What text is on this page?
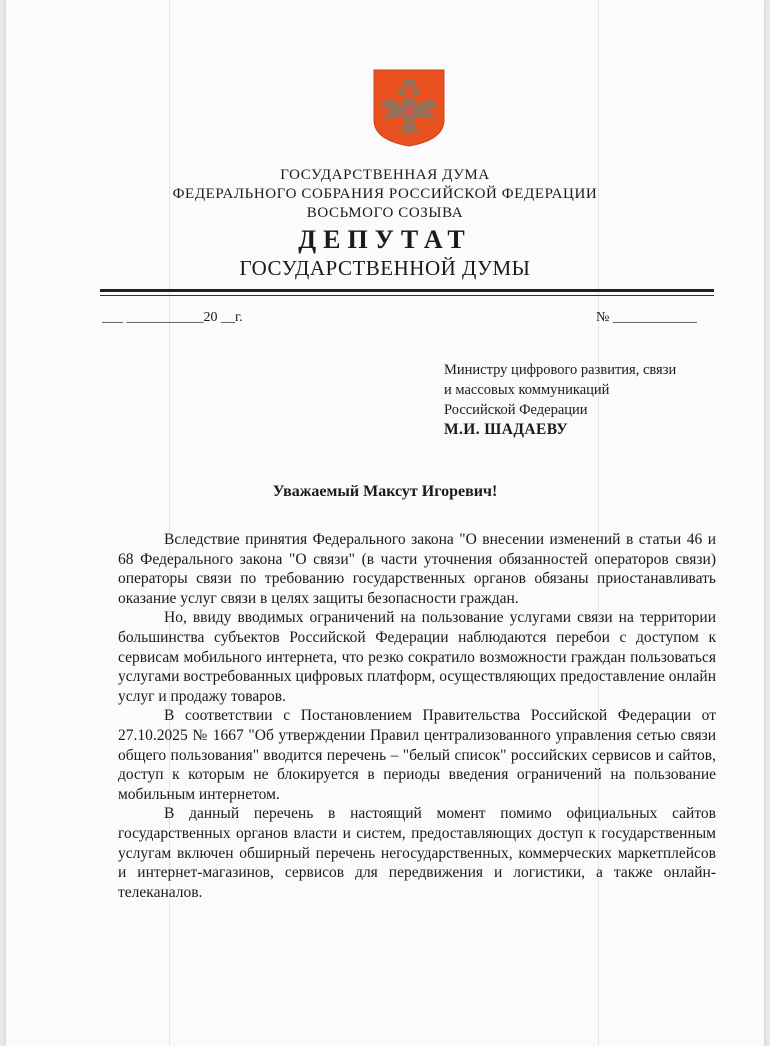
ГОСУДАРСТВЕННАЯ ДУМА
ФЕДЕРАЛЬНОГО СОБРАНИЯ РОССИЙСКОЙ ФЕДЕРАЦИИ
ВОСЬМОГО СОЗЫВА
ДЕПУТАТ
ГОСУДАРСТВЕННОЙ ДУМЫ
___ ___________20 __г.	№ ____________
Министру цифрового развития, связи
и массовых коммуникаций
Российской Федерации
М.И. ШАДАЕВУ
Уважаемый Максут Игоревич!

Вследствие принятия Федерального закона "О внесении изменений в статьи 46 и 68 Федерального закона "О связи" (в части уточнения обязанностей операторов связи) операторы связи по требованию государственных органов обязаны приостанавливать оказание услуг связи в целях защиты безопасности граждан.

Но, ввиду вводимых ограничений на пользование услугами связи на территории большинства субъектов Российской Федерации наблюдаются перебои с доступом к сервисам мобильного интернета, что резко сократило возможности граждан пользоваться услугами востребованных цифровых платформ, осуществляющих предоставление онлайн услуг и продажу товаров.

В соответствии с Постановлением Правительства Российской Федерации от 27.10.2025 № 1667 "Об утверждении Правил централизованного управления сетью связи общего пользования" вводится перечень – "белый список" российских сервисов и сайтов, доступ к которым не блокируется в периоды введения ограничений на пользование мобильным интернетом.

В данный перечень в настоящий момент помимо официальных сайтов государственных органов власти и систем, предоставляющих доступ к государственным услугам включен обширный перечень негосударственных, коммерческих маркетплейсов и интернет-магазинов, сервисов для передвижения и логистики, а также онлайн-телеканалов.
